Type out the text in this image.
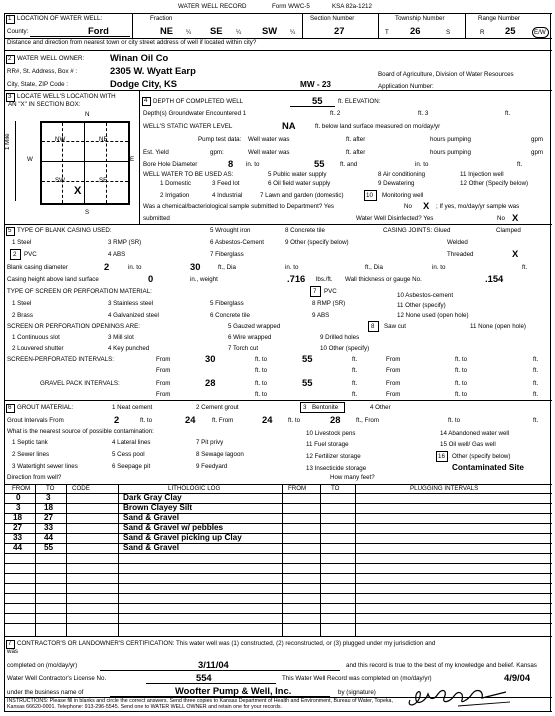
WATER WELL RECORD	Form WWC-5	KSA 82a-1212
1 LOCATION OF WATER WELL:	Fraction	Section Number	Township Number	Range Number
County:	Ford	NE ¼ SE ¼ SW ¼	27	T 26	S	R 25	E/W
Distance and direction from nearest town or city street address of well if located within city?
2 WATER WELL OWNER:	Winan Oil Co
RR#, St. Address, Box # :	2305 W. Wyatt Earp	Board of Agriculture, Division of Water Resources
City, State, ZIP Code :	Dodge City, KS	MW - 23	Application Number:
3 LOCATE WELL'S LOCATION WITH
AN "X" IN SECTION BOX:
N
S
W	E
1 Mile	NW	NE
SW	SE
X
4 DEPTH OF COMPLETED WELL	55	ft. ELEVATION:
Depth(s) Groundwater Encountered 1	ft. 2	ft. 3	ft.
WELL'S STATIC WATER LEVEL	NA	ft. below land surface measured on mo/day/yr
Pump test data: Well water was	ft. after	hours pumping	gpm
Est. Yield	gpm:	Well water was	ft. after	hours pumping	gpm
Bore Hole Diameter	8 in. to	55	ft. and	in. to	ft.
WELL WATER TO BE USED AS:	5 Public water supply	8 Air conditioning	11 Injection well
1 Domestic	3 Feed lot	6 Oil field water supply	9 Dewatering	12 Other (Specify below)
2 Irrigation	4 Industrial	7 Lawn and garden (domestic)	10 Monitoring well
Was a chemical/bacteriological sample submitted to Department? Yes	No X ; If yes, mo/day/yr sample was
submitted	Water Well Disinfected? Yes	No X
5 TYPE OF BLANK CASING USED:	5 Wrought iron	8 Concrete tile	CASING JOINTS: Glued	Clamped
1 Steel	3 RMP (SR)	6 Asbestos-Cement	9 Other (specify below)	Welded
2 PVC	4 ABS	7 Fiberglass	Threaded	X
Blank casing diameter	2	in. to	30	ft., Dia	in. to	ft., Dia	in. to	ft.
Casing height above land surface	0	in., weight	.716 lbs./ft. Wall thickness or gauge No.	.154
TYPE OF SCREEN OR PERFORATION MATERIAL:	7 PVC
10 Asbestos-cement
1 Steel	3 Stainless steel	5 Fiberglass	8 RMP (SR)	11 Other (specify)
2 Brass	4 Galvanized steel	6 Concrete tile	9 ABS	12 None used (open hole)
SCREEN OR PERFORATION OPENINGS ARE:	5 Gauzed wrapped	8 Saw cut	11 None (open hole)
1 Continuous slot	3 Mill slot	6 Wire wrapped	9 Drilled holes
2 Louvered shutter	4 Key punched	7 Torch cut	10 Other (specify)
SCREEN-PERFORATED INTERVALS:	From	30	ft. to	55	ft.	From	ft. to	ft.
From	ft. to	ft.	From	ft. to	ft.
GRAVEL PACK INTERVALS:	From	28	ft. to	55	ft.	From	ft. to	ft.
From	ft. to	ft.	From	ft. to	ft.
6 GROUT MATERIAL:	1 Neat cement	2 Cement grout	3 Bentonite	4 Other
Grout Intervals From	2	ft. to	24	ft. From	24	ft. to	28	ft., From	ft. to	ft.
What is the nearest source of possible contamination:
1 Septic tank	4 Lateral lines	7 Pit privy
10 Livestock pens	14 Abandoned water well
2 Sewer lines	5 Cess pool	8 Sewage lagoon
11 Fuel storage	15 Oil well/ Gas well
3 Watertight sewer lines	6 Seepage pit	9 Feedyard
12 Fertilizer storage	16 Other (specify below)
13 Insecticide storage	Contaminated Site
Direction from well?	How many feet?
FROM	TO	CODE	LITHOLOGIC LOG	FROM	TO	PLUGGING INTERVALS
0	3	Dark Gray Clay
3	18	Brown Clayey Silt
18	27	Sand & Gravel
27	33	Sand & Gravel w/ pebbles
33	44	Sand & Gravel picking up Clay
44	55	Sand & Gravel
7 CONTRACTOR'S OR LANDOWNER'S CERTIFICATION: This water well was (1) constructed, (2) reconstructed, or (3) plugged under my jurisdiction and
was
completed on (mo/day/yr)	3/11/04	and this record is true to the best of my knowledge and belief. Kansas
Water Well Contractor's License No.	554	This Water Well Record was completed on (mo/day/yr)	4/9/04
under the business name of	Woofter Pump & Well, Inc.	by (signature)
INSTRUCTIONS: Please fill in blanks and circle the correct answers. Send three copies to Kansas Department of Health and Environment, Bureau of Water, Topeka,
Kansas 66620-0001. Telephone: 913-296-5545. Send one to WATER WELL OWNER and retain one for your records.
